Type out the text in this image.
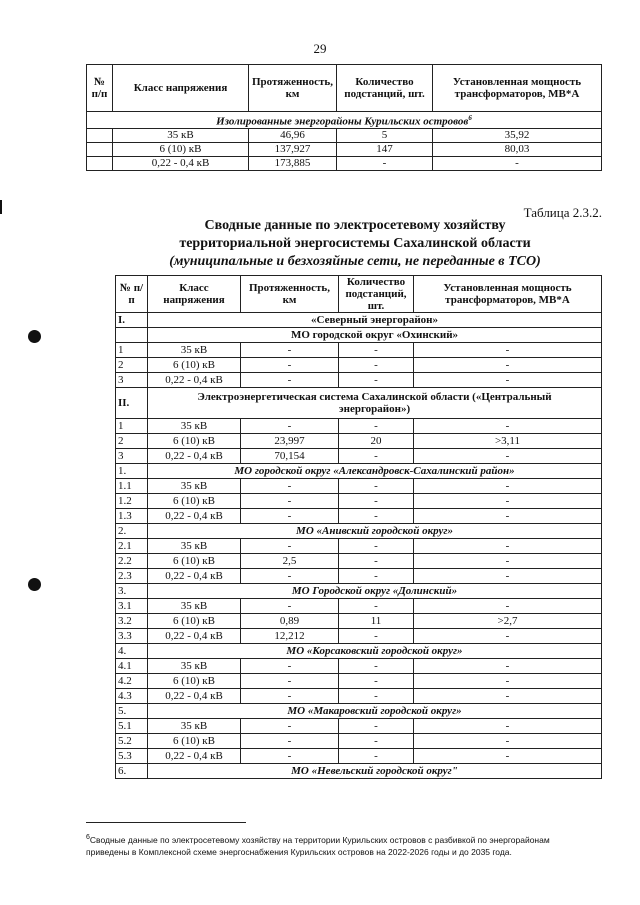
29
№ п/п	Класс напряжения	Протяженность, км	Количество подстанций, шт.	Установленная мощность трансформаторов, МВ*А
Изолированные энергорайоны Курильских островов$^6$
	35 кВ	46,96	5	35,92
	6 (10) кВ	137,927	147	80,03
	0,22 - 0,4 кВ	173,885	-	-
Таблица 2.3.2.
Сводные данные по электросетевому хозяйству
территориальной энергосистемы Сахалинской области
(муниципальные и безхозяйные сети, не переданные в ТСО)
№ п/п	Класс напряжения	Протяженность, км	Количество подстанций, шт.	Установленная мощность трансформаторов, МВ*А
I.	«Северный энергорайон»			
	МО городской округ «Охинский»			
1	35 кВ	-	-	-
2	6 (10) кВ	-	-	-
3	0,22 - 0,4 кВ	-	-	-
II.	Электроэнергетическая система Сахалинской области («Центральный энергорайон»)			
1	35 кВ	-	-	-
2	6 (10) кВ	23,997	20	>3,11
3	0,22 - 0,4 кВ	70,154	-	-
1.	МО городской округ «Александровск-Сахалинский район»			
1.1	35 кВ	-	-	-
1.2	6 (10) кВ	-	-	-
1.3	0,22 - 0,4 кВ	-	-	-
2.	МО «Анивский городской округ»			
2.1	35 кВ	-	-	-
2.2	6 (10) кВ	2,5	-	-
2.3	0,22 - 0,4 кВ	-	-	-
3.	МО Городской округ «Долинский»			
3.1	35 кВ	-	-	-
3.2	6 (10) кВ	0,89	11	>2,7
3.3	0,22 - 0,4 кВ	12,212	-	-
4.	МО «Корсаковский городской округ»			
4.1	35 кВ	-	-	-
4.2	6 (10) кВ	-	-	-
4.3	0,22 - 0,4 кВ	-	-	-
5.	МО «Макаровский городской округ»			
5.1	35 кВ	-	-	-
5.2	6 (10) кВ	-	-	-
5.3	0,22 - 0,4 кВ	-	-	-
6.	МО «Невельский городской округ"			
$^6$Сводные данные по электросетевому хозяйству на территории Курильских островов с разбивкой по энергорайонам приведены в Комплексной схеме энергоснабжения Курильских островов на 2022-2026 годы и до 2035 года.
